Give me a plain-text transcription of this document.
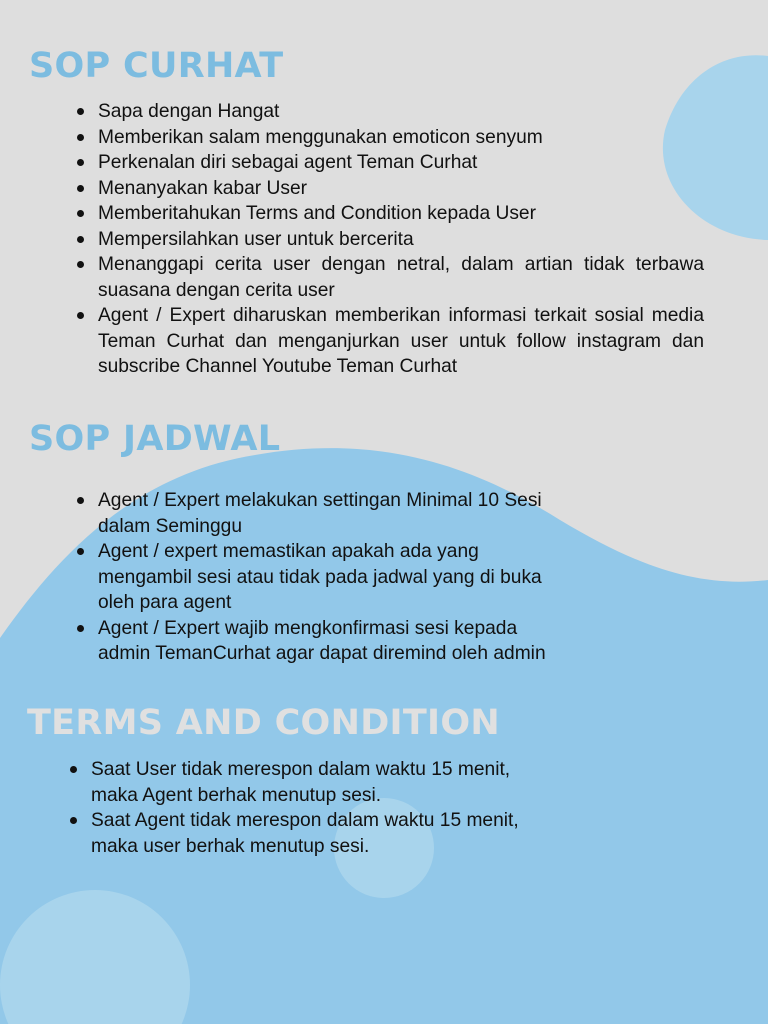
SOP CURHAT
Sapa dengan Hangat
Memberikan salam menggunakan emoticon senyum
Perkenalan diri sebagai agent Teman Curhat
Menanyakan kabar User
Memberitahukan Terms and Condition kepada User
Mempersilahkan user untuk bercerita
Menanggapi cerita user dengan netral, dalam artian tidak terbawa suasana dengan cerita user
Agent / Expert diharuskan memberikan informasi terkait sosial media Teman Curhat dan menganjurkan user untuk follow instagram dan subscribe Channel Youtube Teman Curhat
SOP JADWAL
Agent / Expert melakukan settingan Minimal 10 Sesi dalam Seminggu
Agent / expert memastikan apakah ada yang mengambil sesi atau tidak pada jadwal yang di buka oleh para agent
Agent / Expert wajib mengkonfirmasi sesi kepada admin TemanCurhat agar dapat diremind oleh admin
TERMS AND CONDITION
Saat User tidak merespon dalam waktu 15 menit, maka Agent berhak menutup sesi.
Saat Agent tidak merespon dalam waktu 15 menit, maka user berhak menutup sesi.
